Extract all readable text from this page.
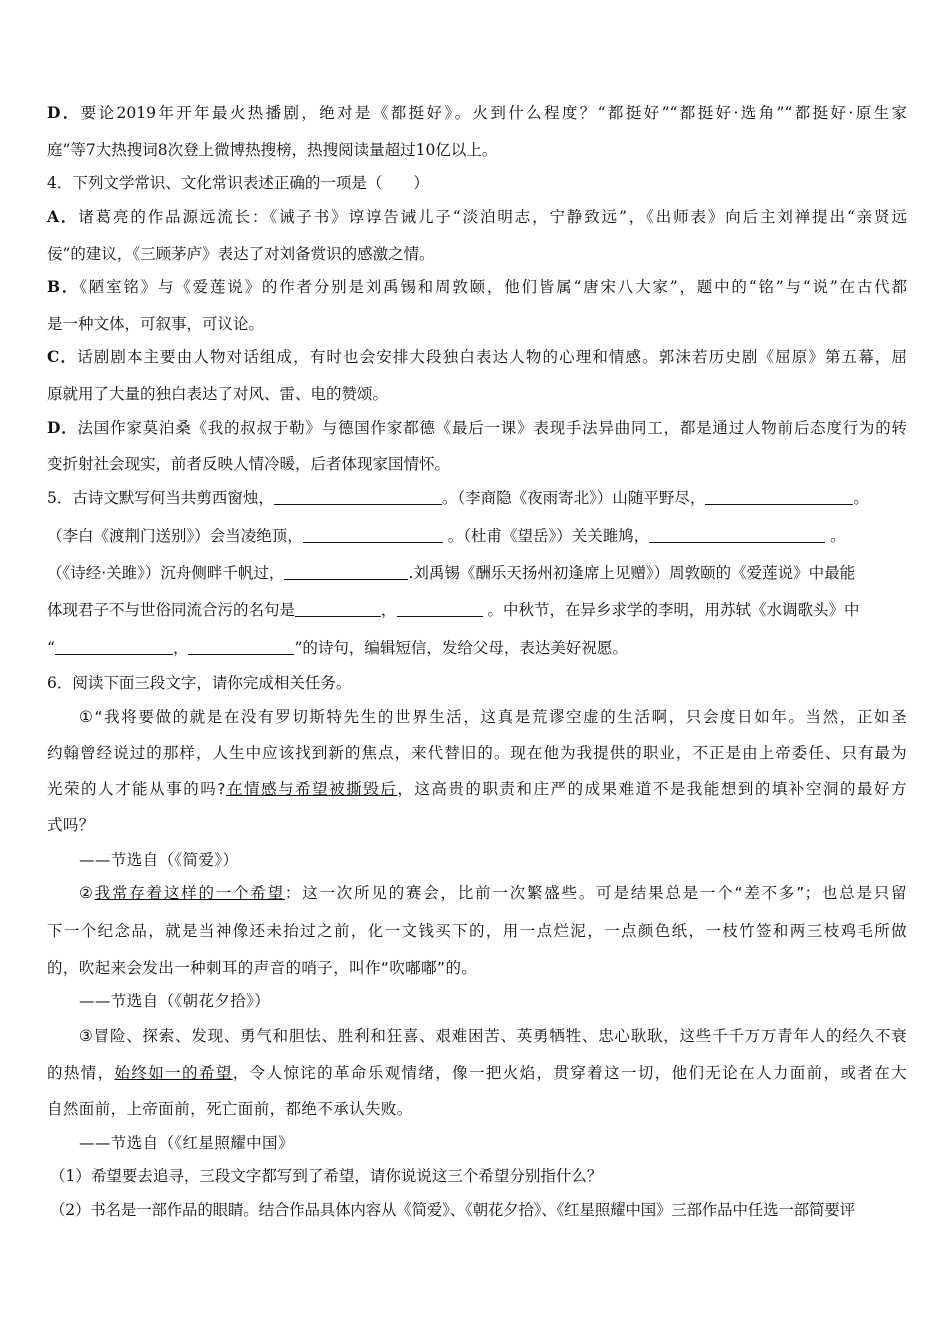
D．要论2019年开年最火热播剧，绝对是《都挺好》。火到什么程度？“都挺好”“都挺好·选角”“都挺好·原生家
庭”等7大热搜词8次登上微博热搜榜，热搜阅读量超过10亿以上。
4．下列文学常识、文化常识表述正确的一项是（　　）
A．诸葛亮的作品源远流长：《诫子书》谆谆告诫儿子“淡泊明志，宁静致远”，《出师表》向后主刘禅提出“亲贤远
佞”的建议，《三顾茅庐》表达了对刘备赏识的感激之情。
B．《陋室铭》与《爱莲说》的作者分别是刘禹锡和周敦颐，他们皆属“唐宋八大家”，题中的“铭”与“说”在古代都
是一种文体，可叙事，可议论。
C．话剧剧本主要由人物对话组成，有时也会安排大段独白表达人物的心理和情感。郭沫若历史剧《屈原》第五幕，屈
原就用了大量的独白表达了对风、雷、电的赞颂。
D．法国作家莫泊桑《我的叔叔于勒》与德国作家都德《最后一课》表现手法异曲同工，都是通过人物前后态度行为的转
变折射社会现实，前者反映人情冷暖，后者体现家国情怀。
5．古诗文默写何当共剪西窗烛，	。（李商隐《夜雨寄北》）山随平野尽，	。
（李白《渡荆门送别》）会当凌绝顶，	。（杜甫《望岳》）关关雎鸠，	。
（《诗经·关雎》）沉舟侧畔千帆过，	.刘禹锡《酬乐天扬州初逢席上见赠》）周敦颐的《爱莲说》中最能
体现君子不与世俗同流合污的名句是	，	。中秋节，在异乡求学的李明，用苏轼《水调歌头》中
“	，	”的诗句，编辑短信，发给父母，表达美好祝愿。
6．阅读下面三段文字，请你完成相关任务。
①“我将要做的就是在没有罗切斯特先生的世界生活，这真是荒谬空虚的生活啊，只会度日如年。当然，正如圣
约翰曾经说过的那样，人生中应该找到新的焦点，来代替旧的。现在他为我提供的职业，不正是由上帝委任、只有最为
光荣的人才能从事的吗?在情感与希望被撕毁后，这高贵的职责和庄严的成果难道不是我能想到的填补空洞的最好方
式吗？
——节选自（《简爱》）
②我常存着这样的一个希望：这一次所见的赛会，比前一次繁盛些。可是结果总是一个“差不多”；也总是只留
下一个纪念品，就是当神像还未抬过之前，化一文钱买下的，用一点烂泥，一点颜色纸，一枝竹签和两三枝鸡毛所做
的，吹起来会发出一种刺耳的声音的哨子，叫作“吹嘟嘟”的。
——节选自（《朝花夕拾》）
③冒险、探索、发现、勇气和胆怯、胜利和狂喜、艰难困苦、英勇牺牲、忠心耿耿，这些千千万万青年人的经久不衰
的热情，始终如一的希望，令人惊诧的革命乐观情绪，像一把火焰，贯穿着这一切，他们无论在人力面前，或者在大
自然面前，上帝面前，死亡面前，都绝不承认失败。
——节选自（《红星照耀中国》
（1）希望要去追寻，三段文字都写到了希望，请你说说这三个希望分别指什么？
（2）书名是一部作品的眼睛。结合作品具体内容从《简爱》、《朝花夕拾》、《红星照耀中国》三部作品中任选一部简要评
